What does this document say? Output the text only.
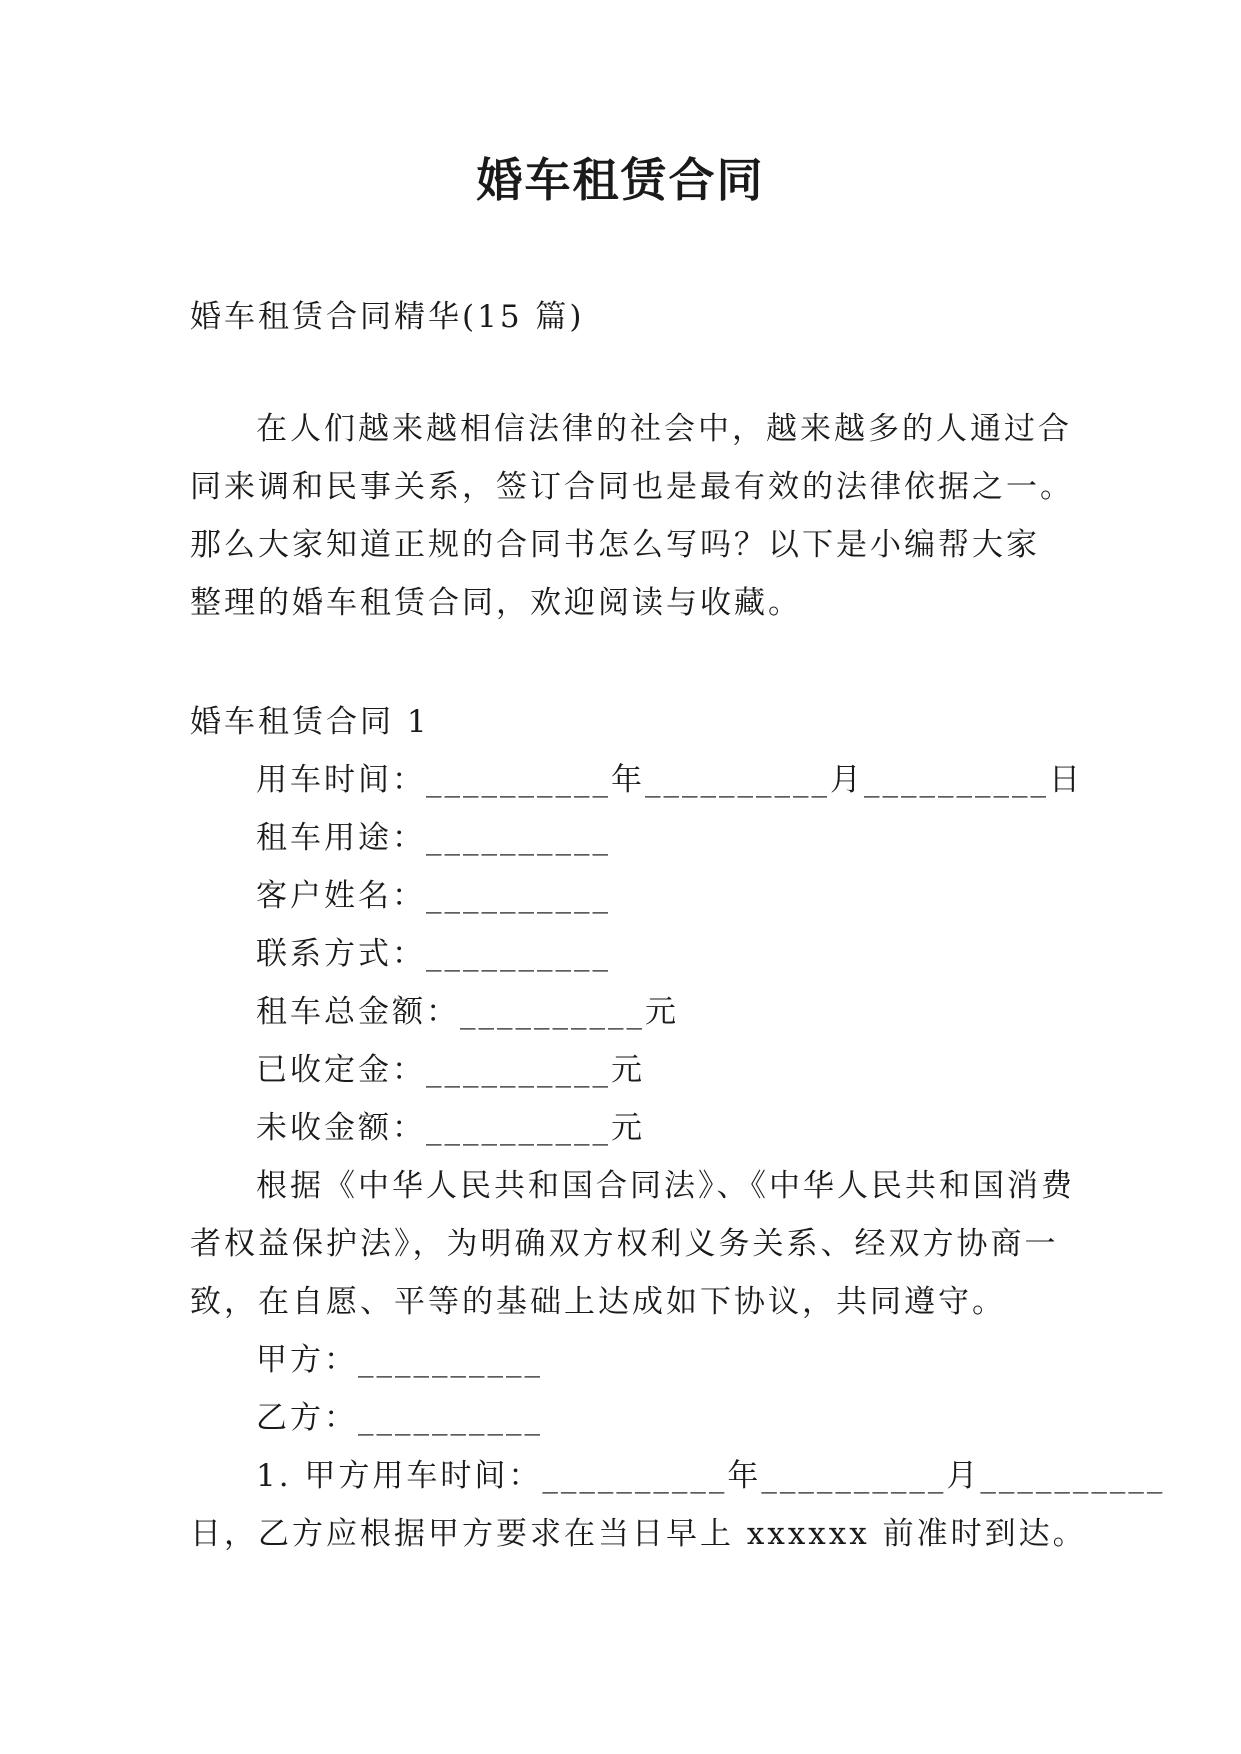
婚车租赁合同
婚车租赁合同精华(15 篇)
在人们越来越相信法律的社会中，越来越多的人通过合
同来调和民事关系，签订合同也是最有效的法律依据之一。
那么大家知道正规的合同书怎么写吗？以下是小编帮大家
整理的婚车租赁合同，欢迎阅读与收藏。
婚车租赁合同 1
用车时间：__________年__________月__________日
租车用途：__________
客户姓名：__________
联系方式：__________
租车总金额：__________元
已收定金：__________元
未收金额：__________元
根据《中华人民共和国合同法》、《中华人民共和国消费
者权益保护法》，为明确双方权利义务关系、经双方协商一
致，在自愿、平等的基础上达成如下协议，共同遵守。
甲方：__________
乙方：__________
1. 甲方用车时间：__________年__________月__________
日，乙方应根据甲方要求在当日早上 xxxxxx 前准时到达。
